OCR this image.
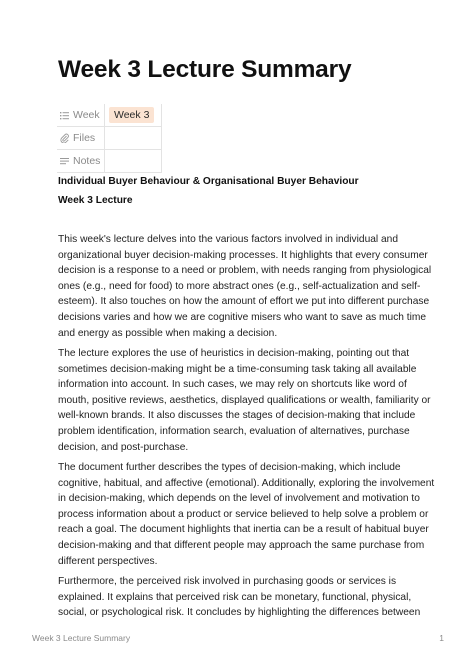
Week 3 Lecture Summary
Week	Week 3

Files	

Notes	

Individual Buyer Behaviour & Organisational Buyer Behaviour

Week 3 Lecture

This week's lecture delves into the various factors involved in individual and
organizational buyer decision-making processes. It highlights that every consumer
decision is a response to a need or problem, with needs ranging from physiological
ones (e.g., need for food) to more abstract ones (e.g., self-actualization and self-
esteem). It also touches on how the amount of effort we put into different purchase
decisions varies and how we are cognitive misers who want to save as much time
and energy as possible when making a decision.
The lecture explores the use of heuristics in decision-making, pointing out that
sometimes decision-making might be a time-consuming task taking all available
information into account. In such cases, we may rely on shortcuts like word of
mouth, positive reviews, aesthetics, displayed qualifications or wealth, familiarity or
well-known brands. It also discusses the stages of decision-making that include
problem identification, information search, evaluation of alternatives, purchase
decision, and post-purchase.
The document further describes the types of decision-making, which include
cognitive, habitual, and affective (emotional). Additionally, exploring the involvement
in decision-making, which depends on the level of involvement and motivation to
process information about a product or service believed to help solve a problem or
reach a goal. The document highlights that inertia can be a result of habitual buyer
decision-making and that different people may approach the same purchase from
different perspectives.
Furthermore, the perceived risk involved in purchasing goods or services is
explained. It explains that perceived risk can be monetary, functional, physical,
social, or psychological risk. It concludes by highlighting the differences between
Week 3 Lecture Summary	1
